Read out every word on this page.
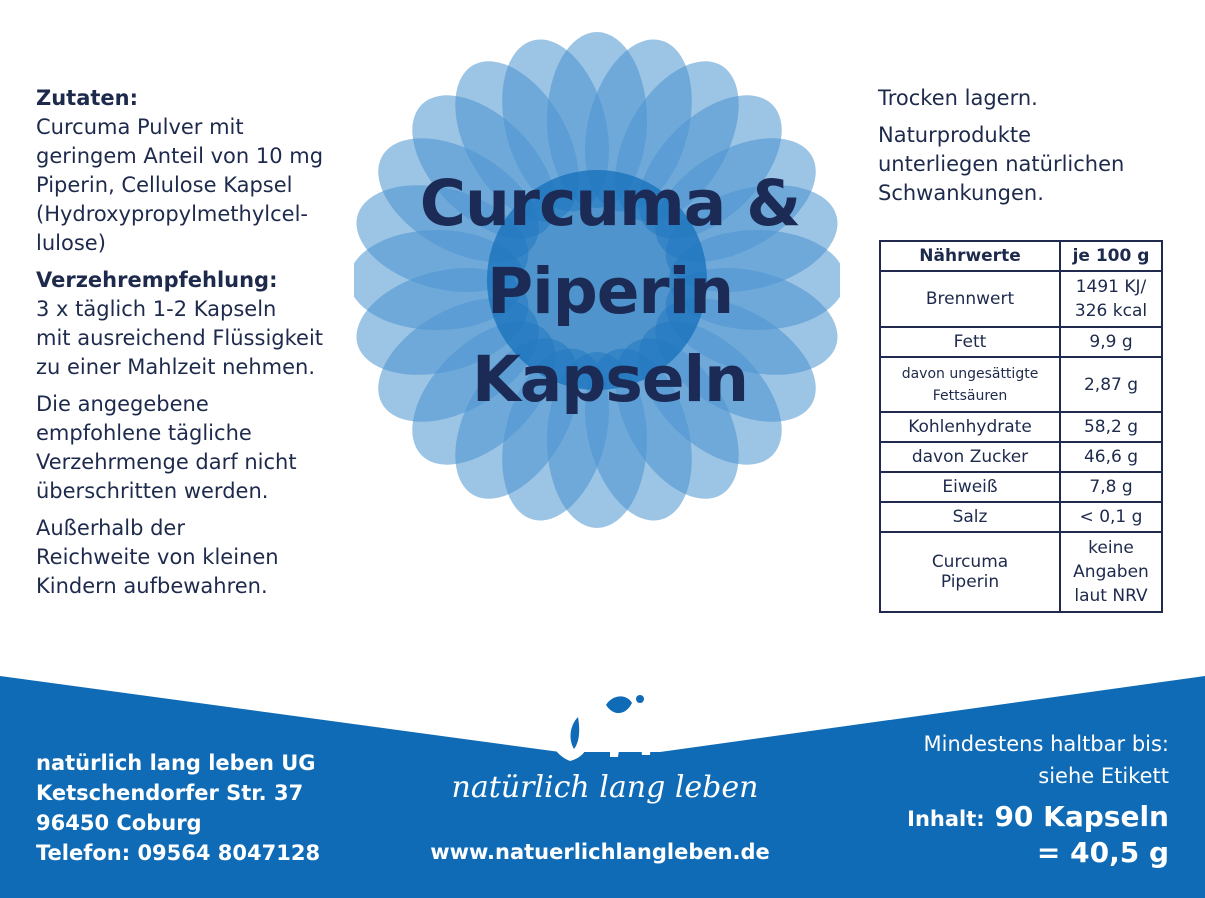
Zutaten:
Curcuma Pulver mit
geringem Anteil von 10 mg
Piperin, Cellulose Kapsel
(Hydroxypropylmethylcel-
lulose)

Verzehrempfehlung:
3 x täglich 1-2 Kapseln
mit ausreichend Flüssigkeit
zu einer Mahlzeit nehmen.

Die angegebene
empfohlene tägliche
Verzehrmenge darf nicht
überschritten werden.

Außerhalb der
Reichweite von kleinen
Kindern aufbewahren.

Curcuma &
Piperin
Kapseln

Trocken lagern.

Naturprodukte
unterliegen natürlichen
Schwankungen.

Nährwerte	je 100 g
Brennwert	1491 KJ/
326 kcal
Fett	9,9 g
davon ungesättigte
Fettsäuren	2,87 g
Kohlenhydrate	58,2 g
davon Zucker	46,6 g
Eiweiß	7,8 g
Salz	< 0,1 g
Curcuma
Piperin	keine
Angaben
laut NRV
natürlich lang leben UG
Ketschendorfer Str. 37
96450 Coburg
Telefon: 09564 8047128
natürlich lang leben
www.natuerlichlangleben.de
Mindestens haltbar bis:
siehe Etikett
Inhalt: 90 Kapseln
= 40,5 g
